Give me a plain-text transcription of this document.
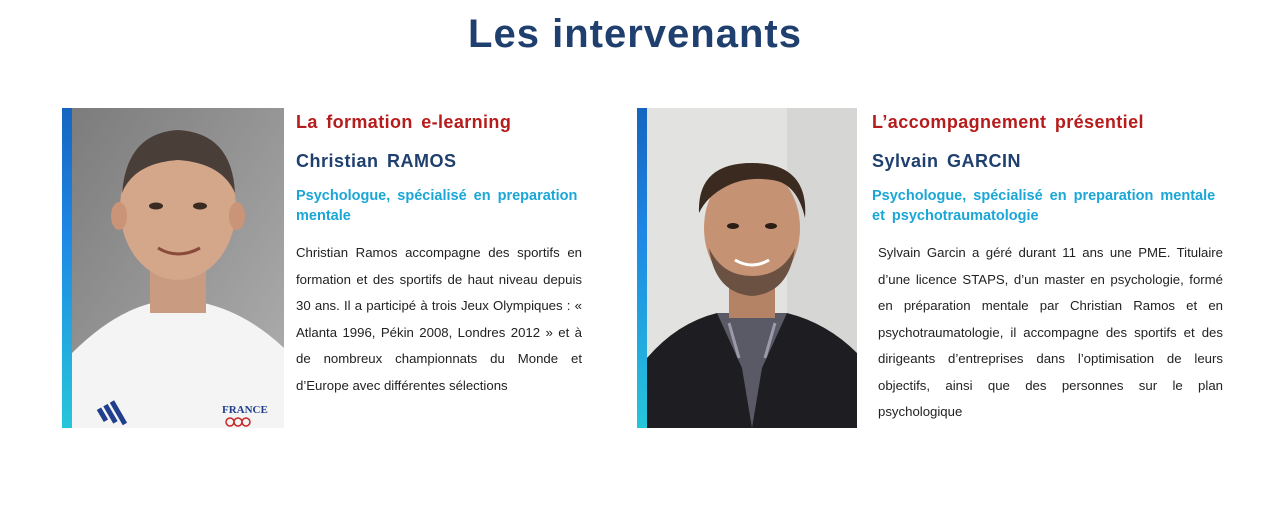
Les intervenants
FRANCE
La formation e-learning
Christian RAMOS
Psychologue, spécialisé en preparation mentale
Christian Ramos accompagne des sportifs en formation et des sportifs de haut niveau depuis 30 ans. Il a participé à trois Jeux Olympiques : « Atlanta 1996, Pékin 2008, Londres 2012 » et à de nombreux championnats du Monde et d’Europe avec différentes sélections
L’accompagnement présentiel
Sylvain GARCIN
Psychologue, spécialisé en preparation mentale et psychotraumatologie
Sylvain Garcin a géré durant 11 ans une PME. Titulaire d’une licence STAPS, d’un master en psychologie, formé en préparation mentale par Christian Ramos et en psychotraumatologie, il accompagne des sportifs et des dirigeants d’entreprises dans l’optimisation de leurs objectifs, ainsi que des personnes sur le plan psychologique
